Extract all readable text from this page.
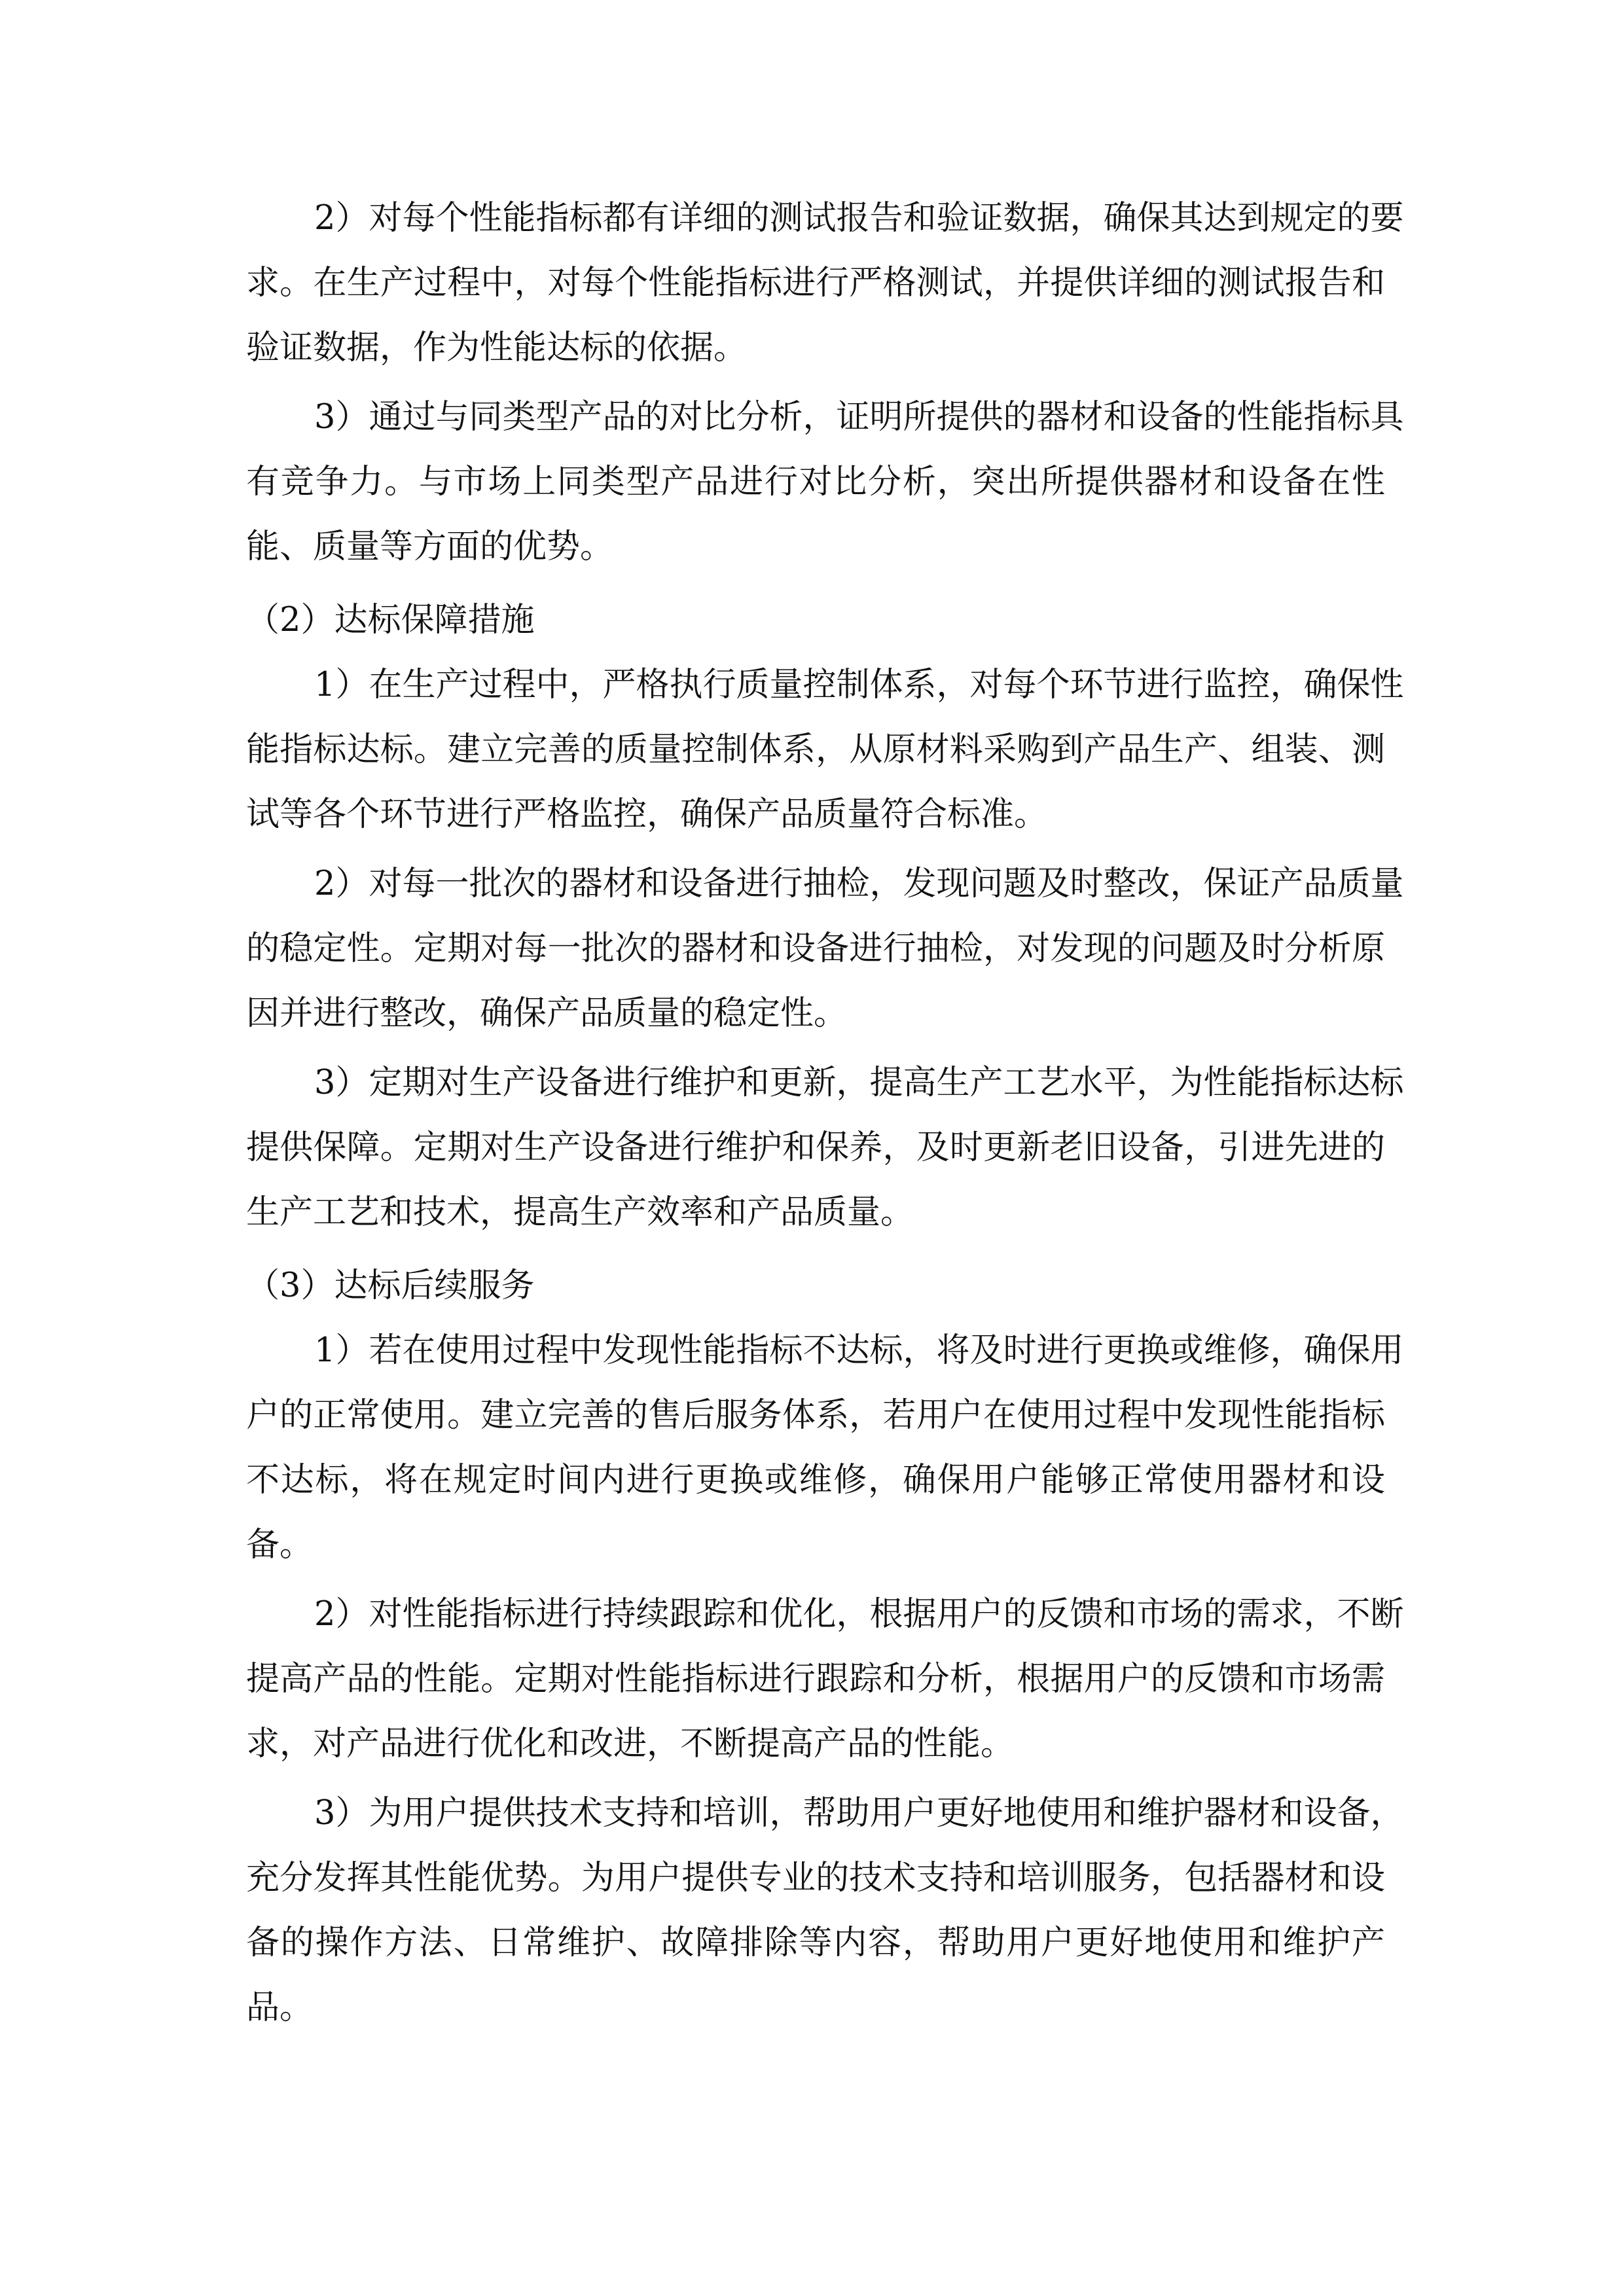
2）对每个性能指标都有详细的测试报告和验证数据，确保其达到规定的要
求。在生产过程中，对每个性能指标进行严格测试，并提供详细的测试报告和
验证数据，作为性能达标的依据。
3）通过与同类型产品的对比分析，证明所提供的器材和设备的性能指标具
有竞争力。与市场上同类型产品进行对比分析，突出所提供器材和设备在性
能、质量等方面的优势。
（2）达标保障措施
1）在生产过程中，严格执行质量控制体系，对每个环节进行监控，确保性
能指标达标。建立完善的质量控制体系，从原材料采购到产品生产、组装、测
试等各个环节进行严格监控，确保产品质量符合标准。
2）对每一批次的器材和设备进行抽检，发现问题及时整改，保证产品质量
的稳定性。定期对每一批次的器材和设备进行抽检，对发现的问题及时分析原
因并进行整改，确保产品质量的稳定性。
3）定期对生产设备进行维护和更新，提高生产工艺水平，为性能指标达标
提供保障。定期对生产设备进行维护和保养，及时更新老旧设备，引进先进的
生产工艺和技术，提高生产效率和产品质量。
（3）达标后续服务
1）若在使用过程中发现性能指标不达标，将及时进行更换或维修，确保用
户的正常使用。建立完善的售后服务体系，若用户在使用过程中发现性能指标
不达标，将在规定时间内进行更换或维修，确保用户能够正常使用器材和设
备。
2）对性能指标进行持续跟踪和优化，根据用户的反馈和市场的需求，不断
提高产品的性能。定期对性能指标进行跟踪和分析，根据用户的反馈和市场需
求，对产品进行优化和改进，不断提高产品的性能。
3）为用户提供技术支持和培训，帮助用户更好地使用和维护器材和设备，
充分发挥其性能优势。为用户提供专业的技术支持和培训服务，包括器材和设
备的操作方法、日常维护、故障排除等内容，帮助用户更好地使用和维护产
品。
